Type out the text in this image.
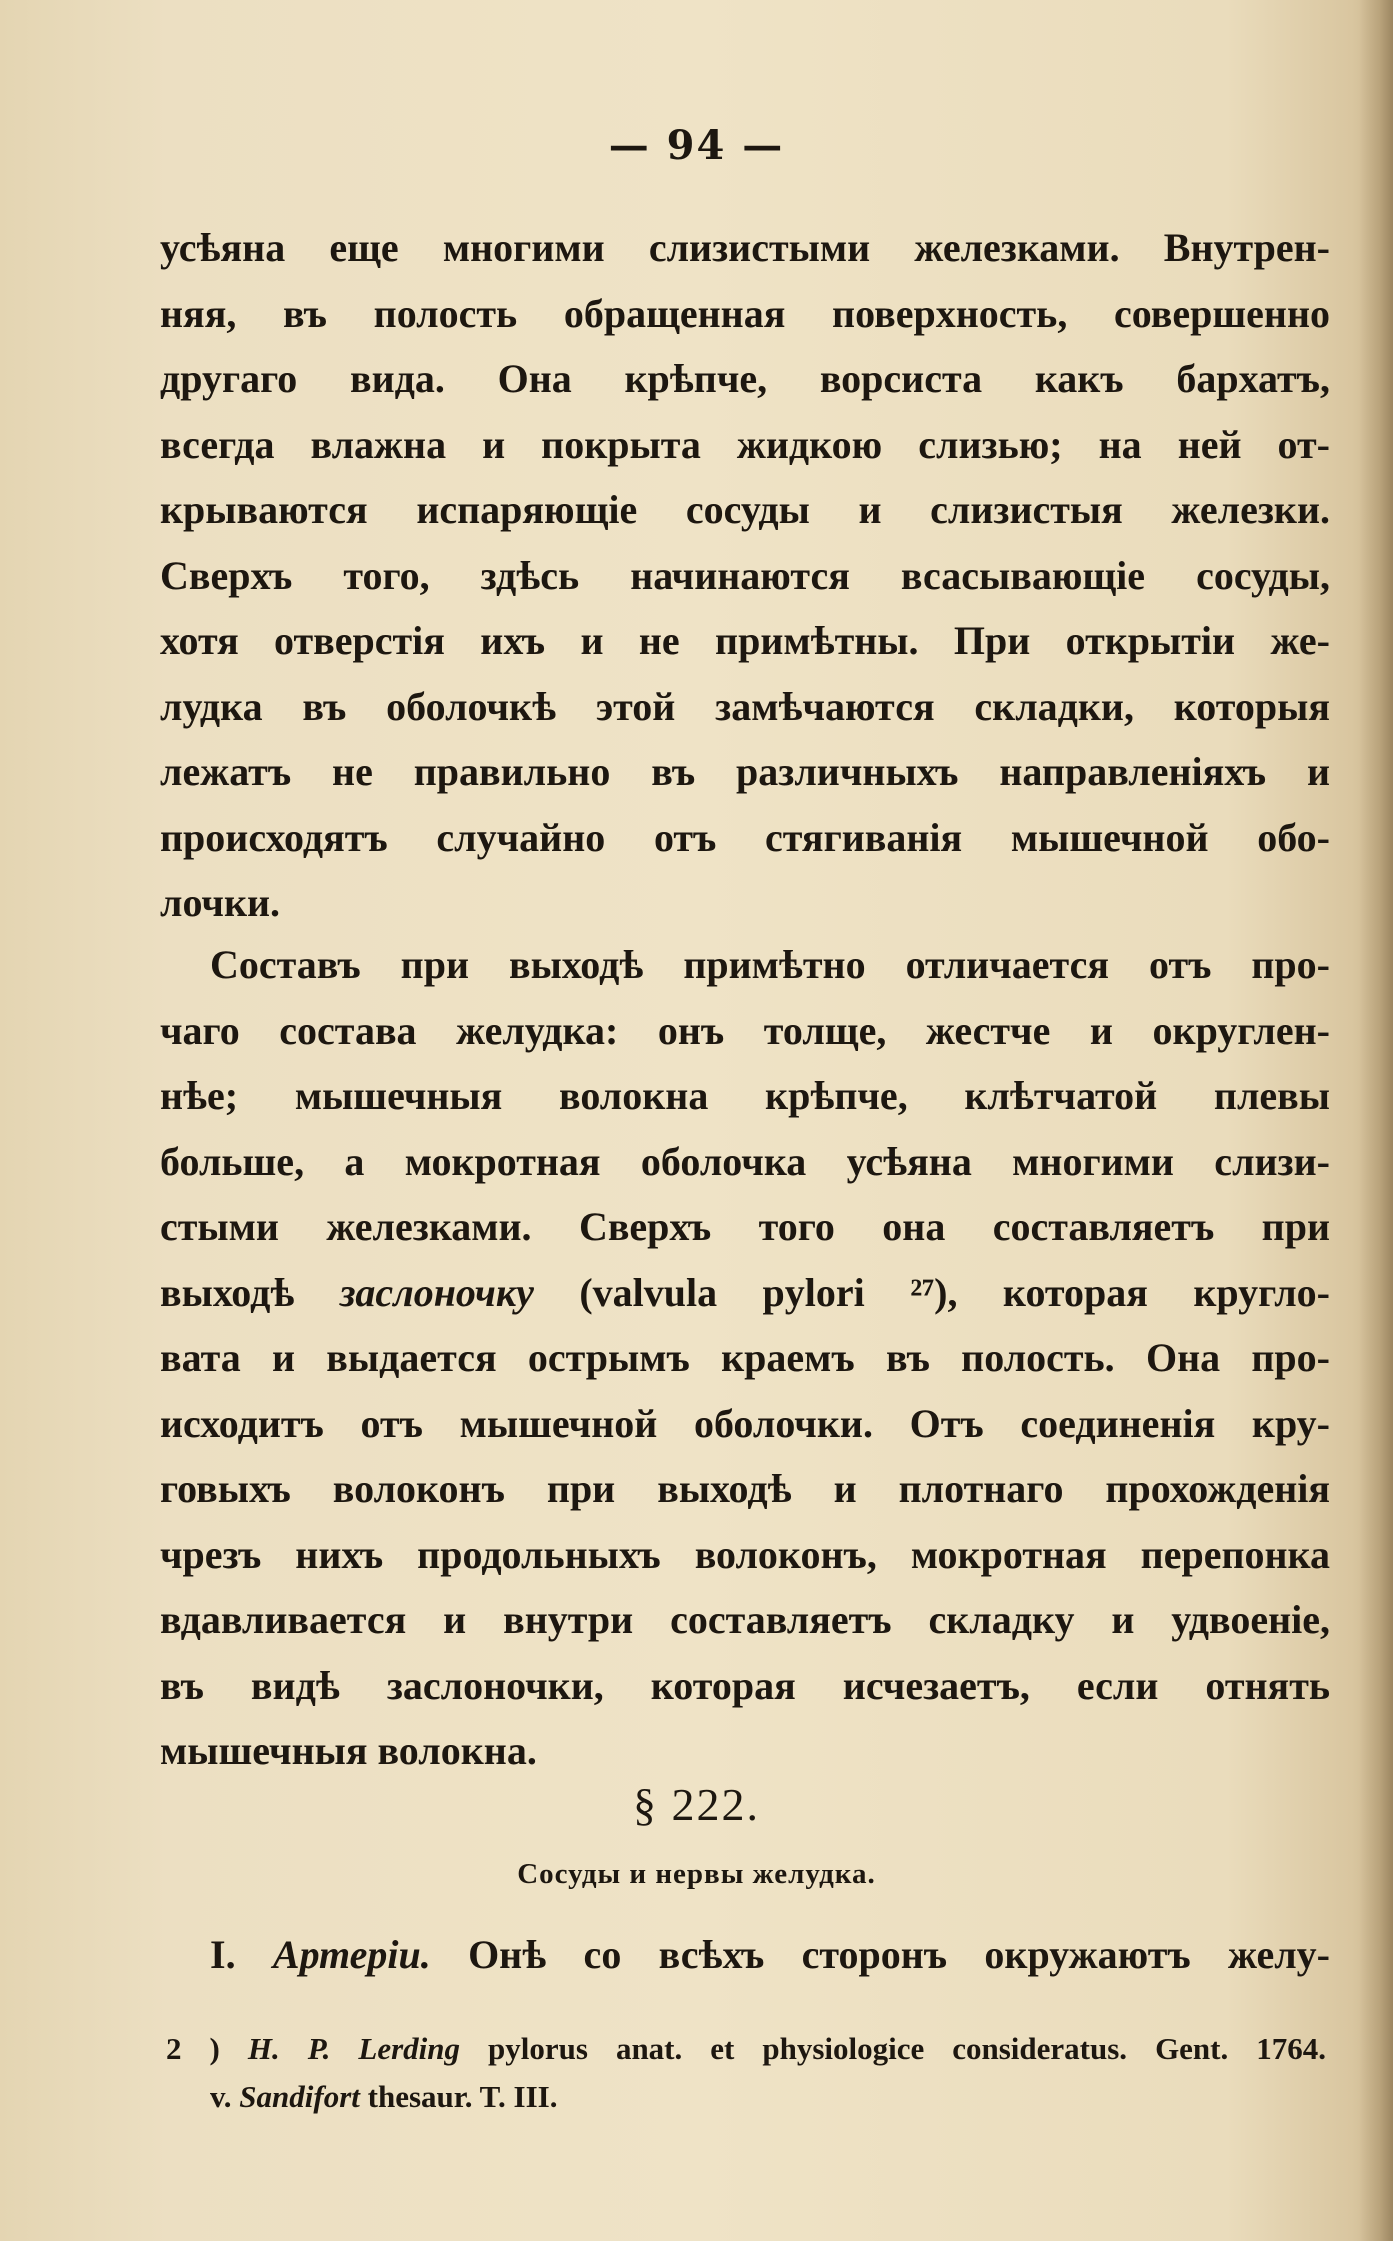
— 94 —
усѣяна еще многими слизистыми железками. Внутрен-
няя, въ полость обращенная поверхность, совершенно
другаго вида. Она крѣпче, ворсиста какъ бархатъ,
всегда влажна и покрыта жидкою слизью; на ней от-
крываются испаряющіе сосуды и слизистыя железки.
Сверхъ того, здѣсь начинаются всасывающіе сосуды,
хотя отверстія ихъ и не примѣтны. При открытіи же-
лудка въ оболочкѣ этой замѣчаются складки, которыя
лежатъ не правильно въ различныхъ направленіяхъ и
происходятъ случайно отъ стягиванія мышечной обо-
лочки.
Составъ при выходѣ примѣтно отличается отъ про-
чаго состава желудка: онъ толще, жестче и округлен-
нѣе; мышечныя волокна крѣпче, клѣтчатой плевы
больше, а мокротная оболочка усѣяна многими слизи-
стыми железками. Сверхъ того она составляетъ при
выходѣ заслоночку (valvula pylori ²⁷), которая кругло-
вата и выдается острымъ краемъ въ полость. Она про-
исходитъ отъ мышечной оболочки. Отъ соединенія кру-
говыхъ волоконъ при выходѣ и плотнаго прохожденія
чрезъ нихъ продольныхъ волоконъ, мокротная перепонка
вдавливается и внутри составляетъ складку и удвоеніе,
въ видѣ заслоночки, которая исчезаетъ, если отнять
мышечныя волокна.
§ 222.
Сосуды и нервы желудка.
I. Артеріи. Онѣ со всѣхъ сторонъ окружаютъ желу-
2 ) H. P. Lerding pylorus anat. et physiologice consideratus. Gent. 1764.
v. Sandifort thesaur. T. III.
